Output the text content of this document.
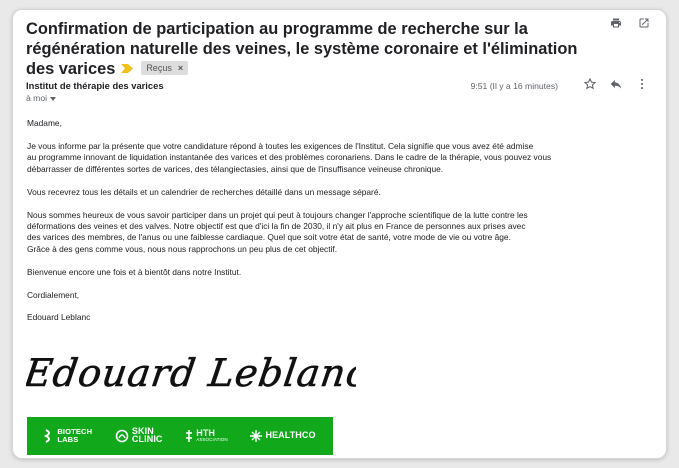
Confirmation de participation au programme de recherche sur la régénération naturelle des veines, le système coronaire et l'élimination des varices	Reçus ×
Institut de thérapie des varices
à moi
9:51 (Il y a 16 minutes)

Madame,

Je vous informe par la présente que votre candidature répond à toutes les exigences de l'Institut. Cela signifie que vous avez été admise
au programme innovant de liquidation instantanée des varices et des problèmes coronariens. Dans le cadre de la thérapie, vous pouvez vous
débarrasser de différentes sortes de varices, des télangiectasies, ainsi que de l'insuffisance veineuse chronique.

Vous recevrez tous les détails et un calendrier de recherches détaillé dans un message séparé.

Nous sommes heureux de vous savoir participer dans un projet qui peut à toujours changer l'approche scientifique de la lutte contre les
déformations des veines et des valves. Notre objectif est que d'ici la fin de 2030, il n'y ait plus en France de personnes aux prises avec
des varices des membres, de l'anus ou une faiblesse cardiaque. Quel que soit votre état de santé, votre mode de vie ou votre âge.
Grâce à des gens comme vous, nous nous rapprochons un peu plus de cet objectif.

Bienvenue encore une fois et à bientôt dans notre Institut.

Cordialement,

Edouard Leblanc

Edouard Leblanc
BIOTECH
LABS
SKIN
CLINIC
HTH
ASSOCIATION	HEALTHCO
